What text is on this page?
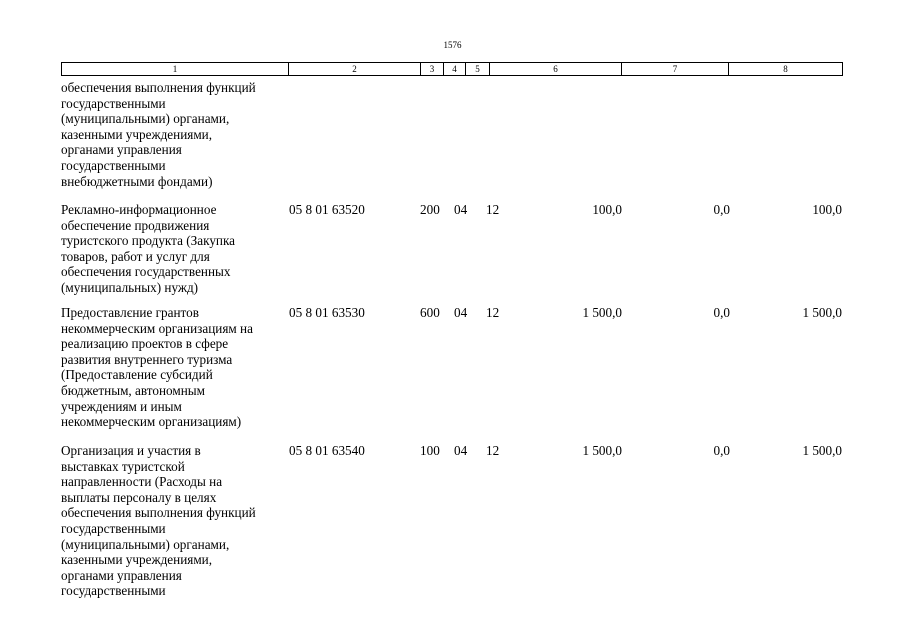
1576
1	2	3	4	5	6	7	8
обеспечения выполнения функций
государственными
(муниципальными) органами,
казенными учреждениями,
органами управления
государственными
внебюджетными фондами)
Рекламно-информационное
обеспечение продвижения
туристского продукта (Закупка
товаров, работ и услуг для
обеспечения государственных
(муниципальных) нужд)
05 8 01 63520	200 04 12	100,0	0,0	100,0
Предоставлєние грантов
некоммерческим организациям на
реализацию проектов в сфере
развития внутреннего туризма
(Предоставление субсидий
бюджетным, автономным
учреждениям и иным
некоммерческим организациям)
05 8 01 63530	600 04 12	1 500,0	0,0	1 500,0
Организация и участия в
выставках туристской
направленности (Расходы на
выплаты персоналу в целях
обеспечения выполнения функций
государственными
(муниципальными) органами,
казенными учреждениями,
органами управления
государственными
05 8 01 63540	100 04 12	1 500,0	0,0	1 500,0
